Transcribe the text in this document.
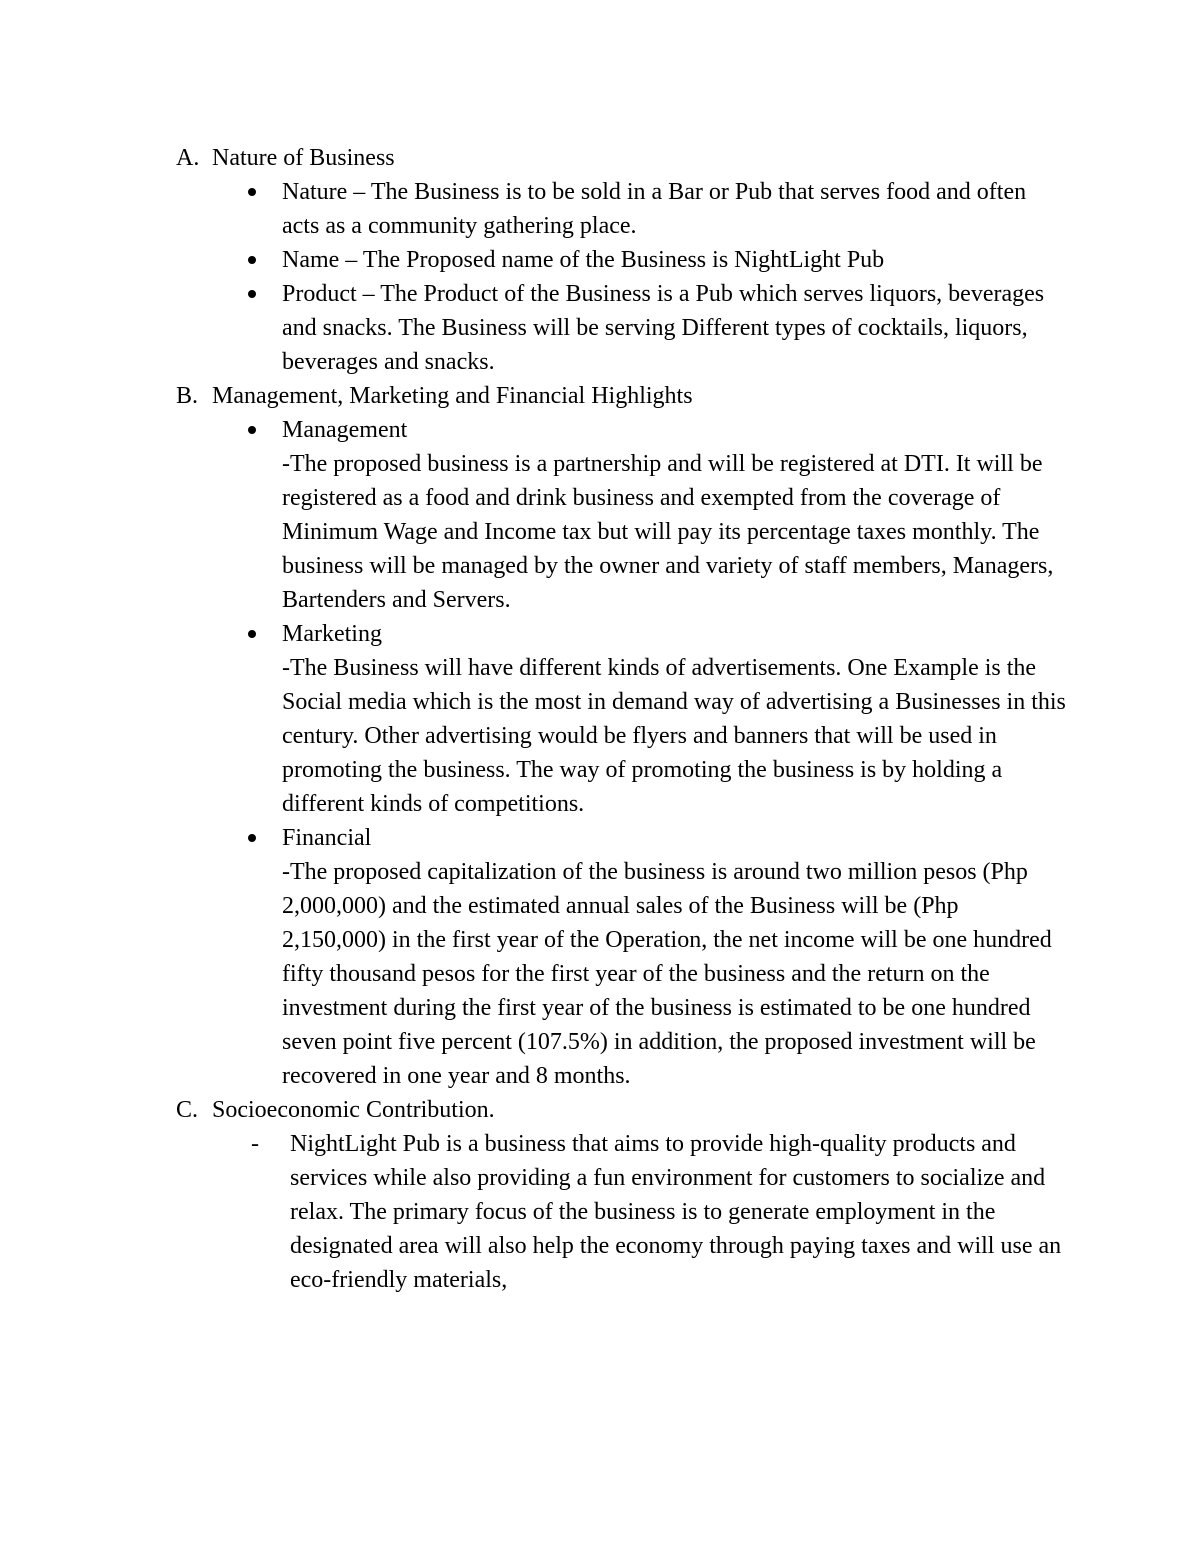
A. Nature of Business

Nature – The Business is to be sold in a Bar or Pub that serves food and often acts as a community gathering place.

Name – The Proposed name of the Business is NightLight Pub

Product – The Product of the Business is a Pub which serves liquors, beverages and snacks. The Business will be serving Different types of cocktails, liquors, beverages and snacks.

B. Management, Marketing and Financial Highlights

Management

-The proposed business is a partnership and will be registered at DTI. It will be registered as a food and drink business and exempted from the coverage of Minimum Wage and Income tax but will pay its percentage taxes monthly. The business will be managed by the owner and variety of staff members, Managers, Bartenders and Servers.

Marketing

-The Business will have different kinds of advertisements. One Example is the Social media which is the most in demand way of advertising a Businesses in this century. Other advertising would be flyers and banners that will be used in promoting the business. The way of promoting the business is by holding a different kinds of competitions.

Financial

-The proposed capitalization of the business is around two million pesos (Php 2,000,000) and the estimated annual sales of the Business will be (Php 2,150,000) in the first year of the Operation, the net income will be one hundred fifty thousand pesos for the first year of the business and the return on the investment during the first year of the business is estimated to be one hundred seven point five percent (107.5%) in addition, the proposed investment will be recovered in one year and 8 months.

C. Socioeconomic Contribution.
-	NightLight Pub is a business that aims to provide high-quality products and services while also providing a fun environment for customers to socialize and relax. The primary focus of the business is to generate employment in the designated area will also help the economy through paying taxes and will use an eco-friendly materials,
